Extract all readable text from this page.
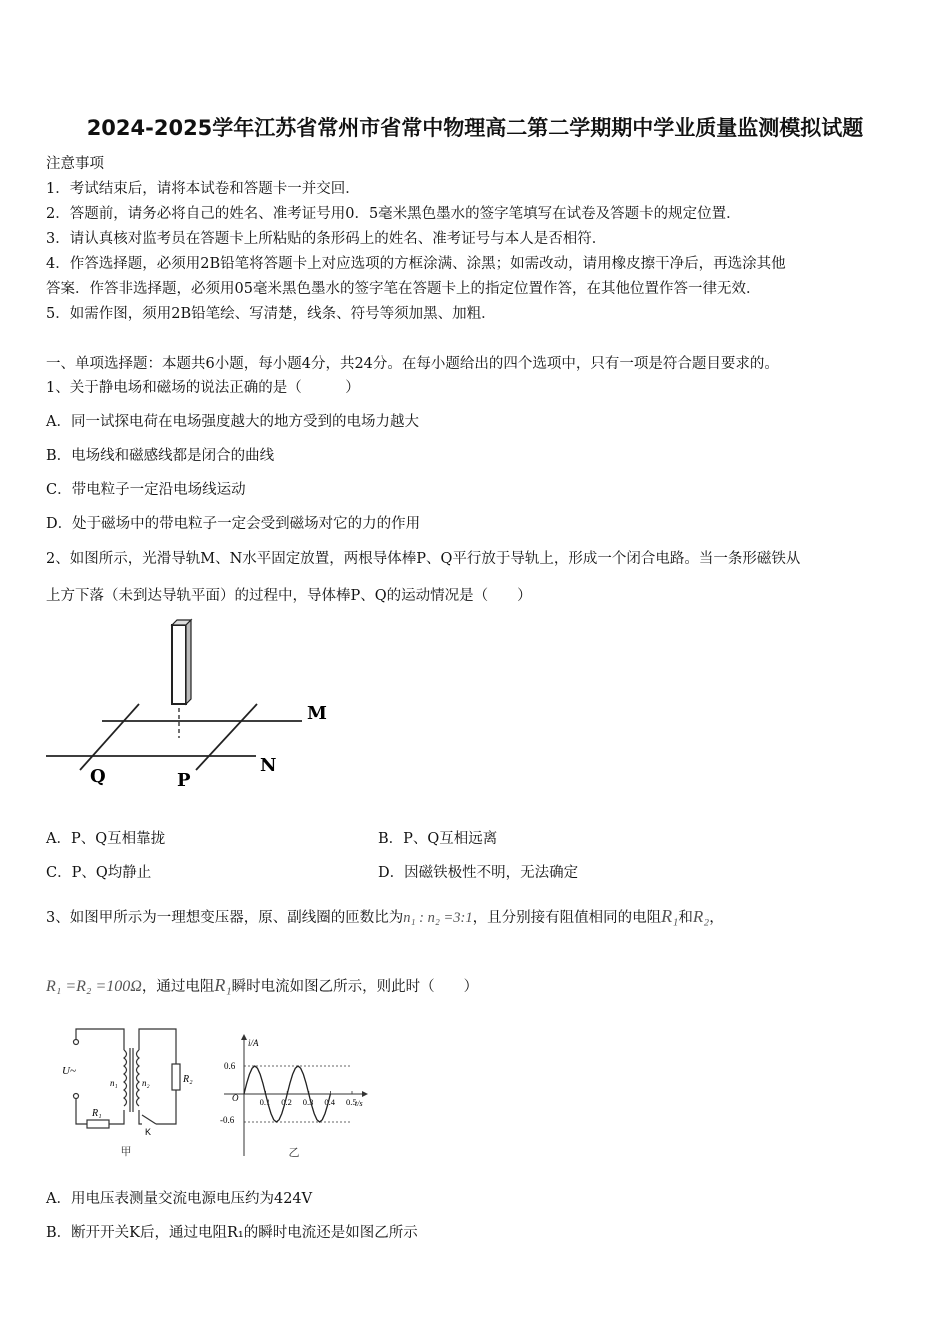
2024-2025学年江苏省常州市省常中物理高二第二学期期中学业质量监测模拟试题
注意事项
1．考试结束后，请将本试卷和答题卡一并交回．
2．答题前，请务必将自己的姓名、准考证号用0．5毫米黑色墨水的签字笔填写在试卷及答题卡的规定位置．
3．请认真核对监考员在答题卡上所粘贴的条形码上的姓名、准考证号与本人是否相符．
4．作答选择题，必须用2B铅笔将答题卡上对应选项的方框涂满、涂黑；如需改动，请用橡皮擦干净后，再选涂其他
答案．作答非选择题，必须用05毫米黑色墨水的签字笔在答题卡上的指定位置作答，在其他位置作答一律无效．
5．如需作图，须用2B铅笔绘、写清楚，线条、符号等须加黑、加粗．
一、单项选择题：本题共6小题，每小题4分，共24分。在每小题给出的四个选项中，只有一项是符合题目要求的。
1、关于静电场和磁场的说法正确的是（　　　）
A．同一试探电荷在电场强度越大的地方受到的电场力越大
B．电场线和磁感线都是闭合的曲线
C．带电粒子一定沿电场线运动
D．处于磁场中的带电粒子一定会受到磁场对它的力的作用
2、如图所示，光滑导轨M、N水平固定放置，两根导体棒P、Q平行放于导轨上，形成一个闭合电路。当一条形磁铁从
上方下落（未到达导轨平面）的过程中，导体棒P、Q的运动情况是（　　）
M
N
Q	P
A．P、Q互相靠拢	B．P、Q互相远离
C．P、Q均静止	D．因磁铁极性不明，无法确定
3、如图甲所示为一理想变压器，原、副线圈的匝数比为n₁ : n₂ =3:1，且分别接有阻值相同的电阻R₁和R₂，
R₁ =R₂ =100Ω，通过电阻R₁瞬时电流如图乙所示，则此时（　　）
U~
n₁	n₂
R₁
R₂
K
甲
i/A
O
0.6
-0.6
0.1 0.2 0.3 0.4 0.5
t/s
乙
A．用电压表测量交流电源电压约为424V
B．断开开关K后，通过电阻R₁的瞬时电流还是如图乙所示
